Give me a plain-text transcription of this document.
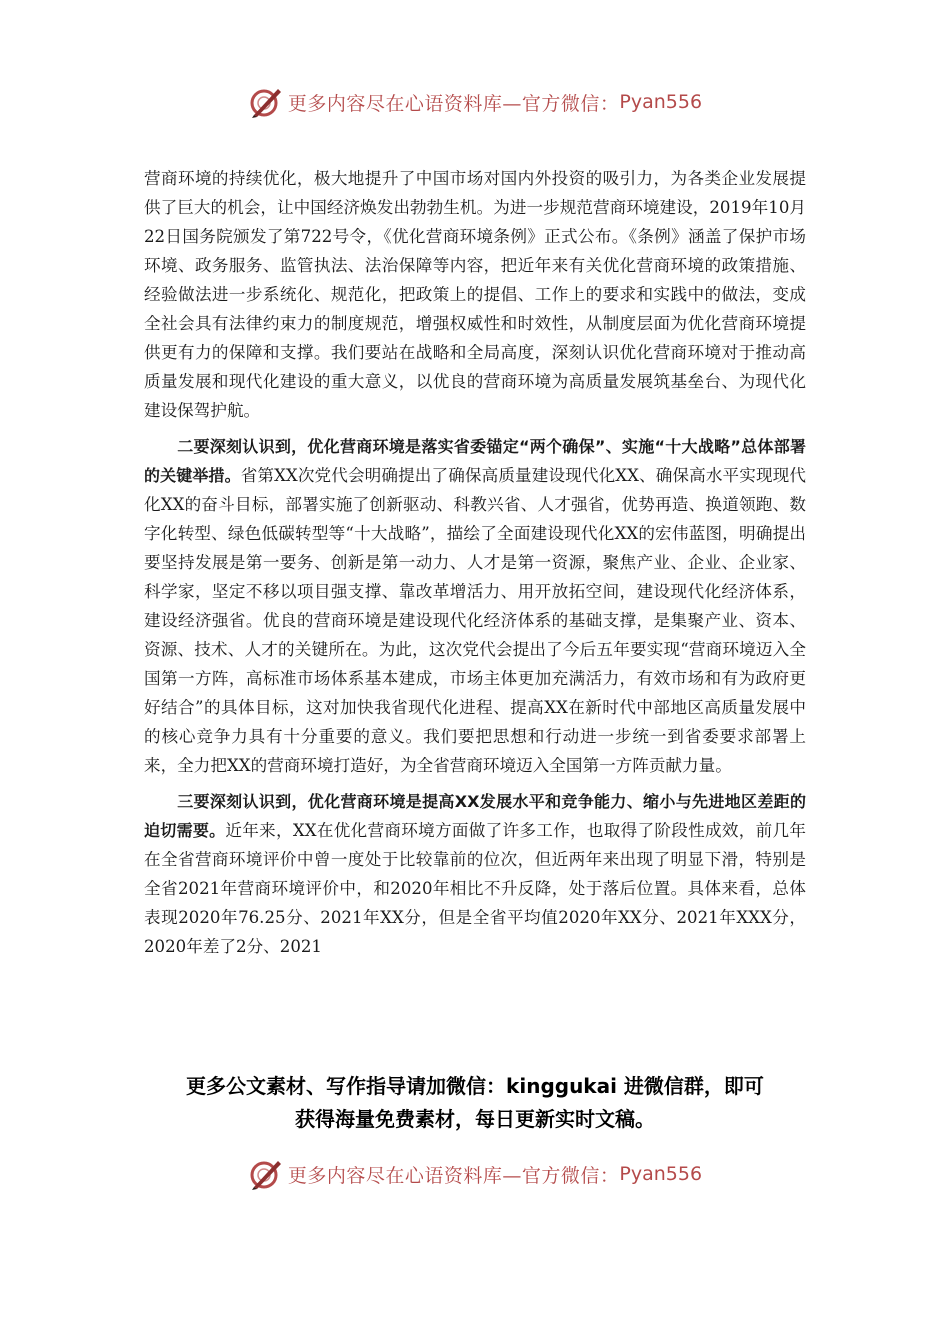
更多内容尽在心语资料库—官方微信： Pyan556

营商环境的持续优化，极大地提升了中国市场对国内外投资的吸引力，为各类企业发展提供了巨大的机会，让中国经济焕发出勃勃生机。为进一步规范营商环境建设，2019年10月22日国务院颁发了第722号令，《优化营商环境条例》正式公布。《条例》涵盖了保护市场环境、政务服务、监管执法、法治保障等内容，把近年来有关优化营商环境的政策措施、经验做法进一步系统化、规范化，把政策上的提倡、工作上的要求和实践中的做法，变成全社会具有法律约束力的制度规范，增强权威性和时效性，从制度层面为优化营商环境提供更有力的保障和支撑。我们要站在战略和全局高度，深刻认识优化营商环境对于推动高质量发展和现代化建设的重大意义，以优良的营商环境为高质量发展筑基垒台、为现代化建设保驾护航。

二要深刻认识到，优化营商环境是落实省委锚定“两个确保”、实施“十大战略”总体部署的关键举措。省第XX次党代会明确提出了确保高质量建设现代化XX、确保高水平实现现代化XX的奋斗目标，部署实施了创新驱动、科教兴省、人才强省，优势再造、换道领跑、数字化转型、绿色低碳转型等“十大战略”，描绘了全面建设现代化XX的宏伟蓝图，明确提出要坚持发展是第一要务、创新是第一动力、人才是第一资源，聚焦产业、企业、企业家、科学家，坚定不移以项目强支撑、靠改革增活力、用开放拓空间，建设现代化经济体系，建设经济强省。优良的营商环境是建设现代化经济体系的基础支撑，是集聚产业、资本、资源、技术、人才的关键所在。为此，这次党代会提出了今后五年要实现“营商环境迈入全国第一方阵，高标准市场体系基本建成，市场主体更加充满活力，有效市场和有为政府更好结合”的具体目标，这对加快我省现代化进程、提高XX在新时代中部地区高质量发展中的核心竞争力具有十分重要的意义。我们要把思想和行动进一步统一到省委要求部署上来，全力把XX的营商环境打造好，为全省营商环境迈入全国第一方阵贡献力量。

三要深刻认识到，优化营商环境是提高XX发展水平和竞争能力、缩小与先进地区差距的迫切需要。近年来，XX在优化营商环境方面做了许多工作，也取得了阶段性成效，前几年在全省营商环境评价中曾一度处于比较靠前的位次，但近两年来出现了明显下滑，特别是全省2021年营商环境评价中，和2020年相比不升反降，处于落后位置。具体来看，总体表现2020年76.25分、2021年XX分，但是全省平均值2020年XX分、2021年XXX分，2020年差了2分、2021

更多公文素材、写作指导请加微信：kinggukai 进微信群，即可
获得海量免费素材，每日更新实时文稿。
更多内容尽在心语资料库—官方微信： Pyan556
